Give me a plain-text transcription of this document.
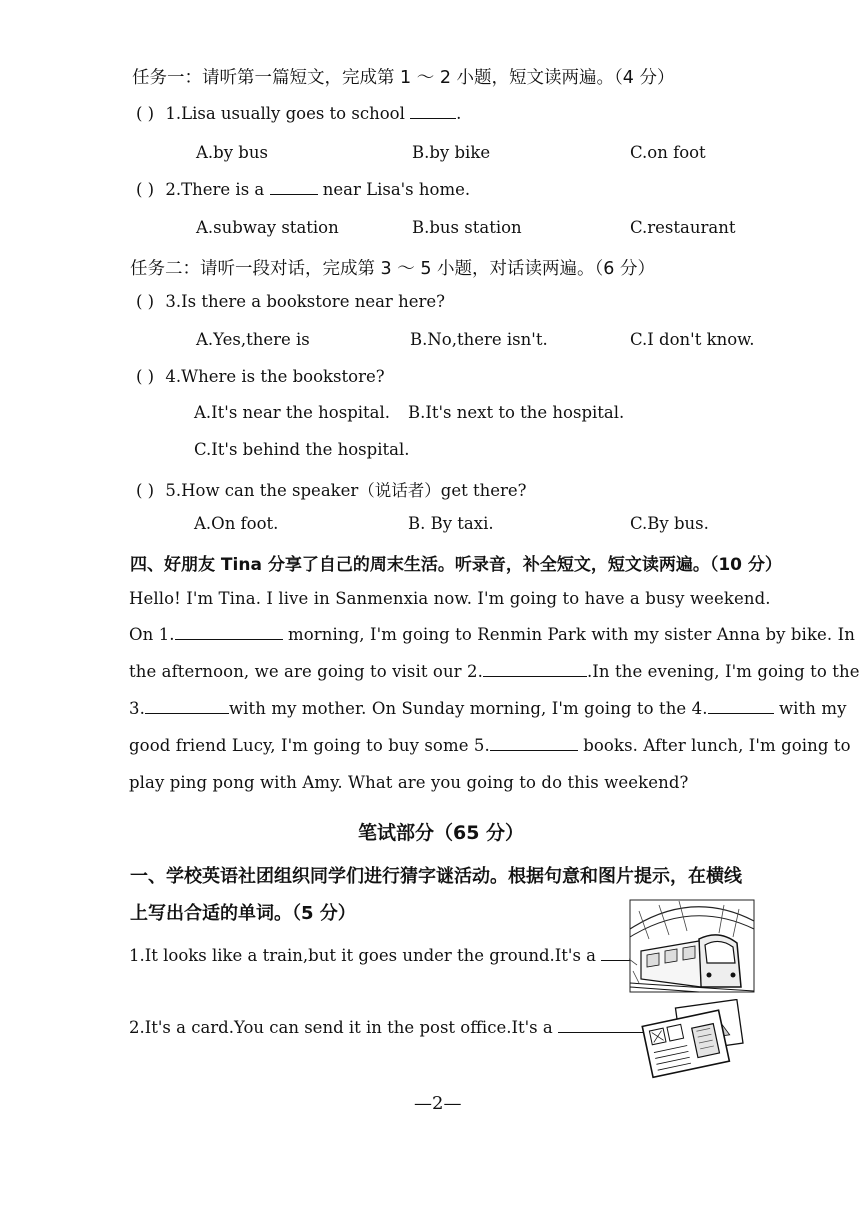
任务一：请听第一篇短文，完成第 1 ～ 2 小题，短文读两遍。（4 分）
( ) 1.Lisa usually goes to school	.
A.by bus	B.by bike	C.on foot
( ) 2.There is a	near Lisa's home.
A.subway station	B.bus station	C.restaurant
任务二：请听一段对话，完成第 3 ～ 5 小题，对话读两遍。（6 分）
( ) 3.Is there a bookstore near here?
A.Yes,there is	B.No,there isn't.	C.I don't know.
( ) 4.Where is the bookstore?
A.It's near the hospital. B.It's next to the hospital.
C.It's behind the hospital.
( ) 5.How can the speaker（说话者）get there?
A.On foot.	B. By taxi.	C.By bus.
四、好朋友 Tina 分享了自己的周末生活。听录音，补全短文，短文读两遍。（10 分）
Hello! I'm Tina. I live in Sanmenxia now. I'm going to have a busy weekend.
On 1.	morning, I'm going to Renmin Park with my sister Anna by bike. In
the afternoon, we are going to visit our 2.	.In the evening, I'm going to the
3.	with my mother. On Sunday morning, I'm going to the 4.	with my
good friend Lucy, I'm going to buy some 5.	books. After lunch, I'm going to
play ping pong with Amy. What are you going to do this weekend?
笔试部分（65 分）
一、学校英语社团组织同学们进行猜字谜活动。根据句意和图片提示，在横线
上写出合适的单词。（5 分）
1.It looks like a train,but it goes under the ground.It's a
2.It's a card.You can send it in the post office.It's a
—2—
